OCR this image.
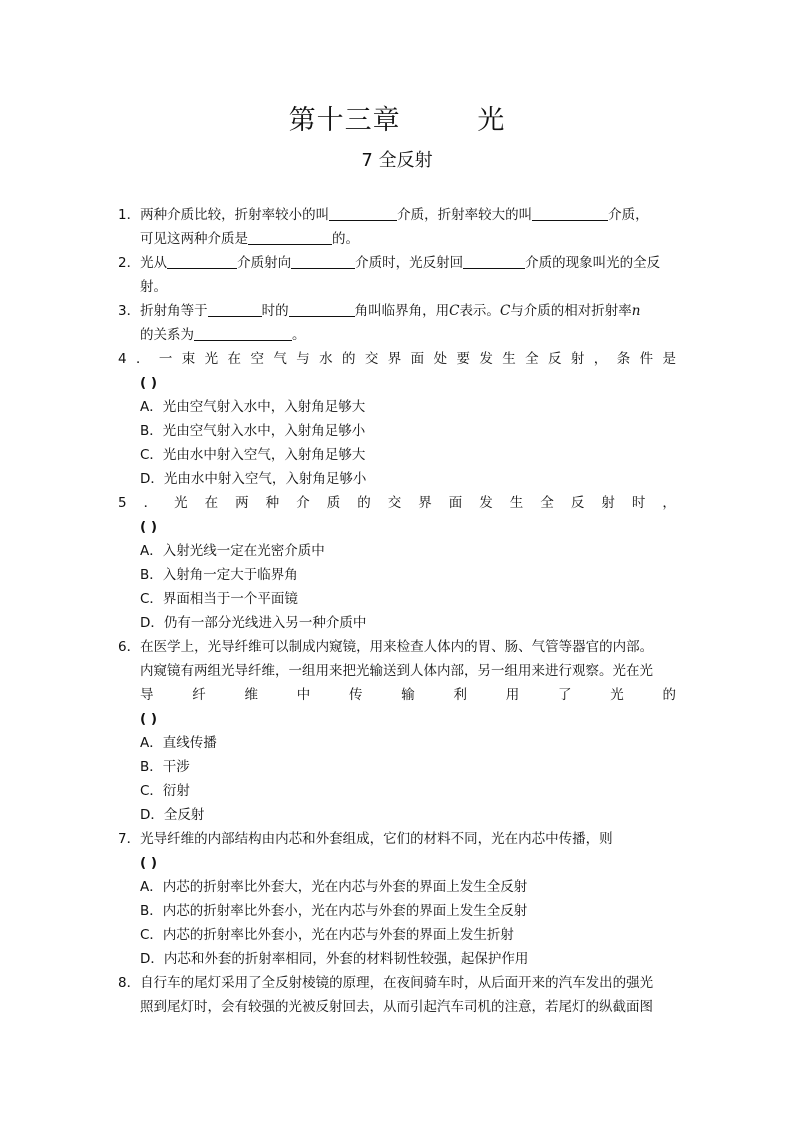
第十三章        光
7 全反射
1．两种介质比较，折射率较小的叫	介质，折射率较大的叫	介质，
可见这两种介质是	的。
2．光从	介质射向	介质时，光反射回	介质的现象叫光的全反
射。
3．折射角等于	时的	角叫临界角，用C表示。C与介质的相对折射率n
的关系为	。
4 ． 一 束 光 在 空 气 与 水 的 交 界 面 处 要 发 生 全 反 射 ， 条 件 是
( )
A．光由空气射入水中，入射角足够大
B．光由空气射入水中，入射角足够小
C．光由水中射入空气，入射角足够大
D．光由水中射入空气，入射角足够小
5 ． 光 在 两 种 介 质 的 交 界 面 发 生 全 反 射 时 ，
( )
A．入射光线一定在光密介质中
B．入射角一定大于临界角
C．界面相当于一个平面镜
D．仍有一部分光线进入另一种介质中
6．在医学上，光导纤维可以制成内窥镜，用来检查人体内的胃、肠、气管等器官的内部。
内窥镜有两组光导纤维，一组用来把光输送到人体内部，另一组用来进行观察。光在光
导	纤	维	中	传	输	利	用	了	光	的
( )
A．直线传播
B．干涉
C．衍射
D．全反射
7．光导纤维的内部结构由内芯和外套组成，它们的材料不同，光在内芯中传播，则
( )
A．内芯的折射率比外套大，光在内芯与外套的界面上发生全反射
B．内芯的折射率比外套小，光在内芯与外套的界面上发生全反射
C．内芯的折射率比外套小，光在内芯与外套的界面上发生折射
D．内芯和外套的折射率相同，外套的材料韧性较强，起保护作用
8．自行车的尾灯采用了全反射棱镜的原理，在夜间骑车时，从后面开来的汽车发出的强光
照到尾灯时，会有较强的光被反射回去，从而引起汽车司机的注意，若尾灯的纵截面图
